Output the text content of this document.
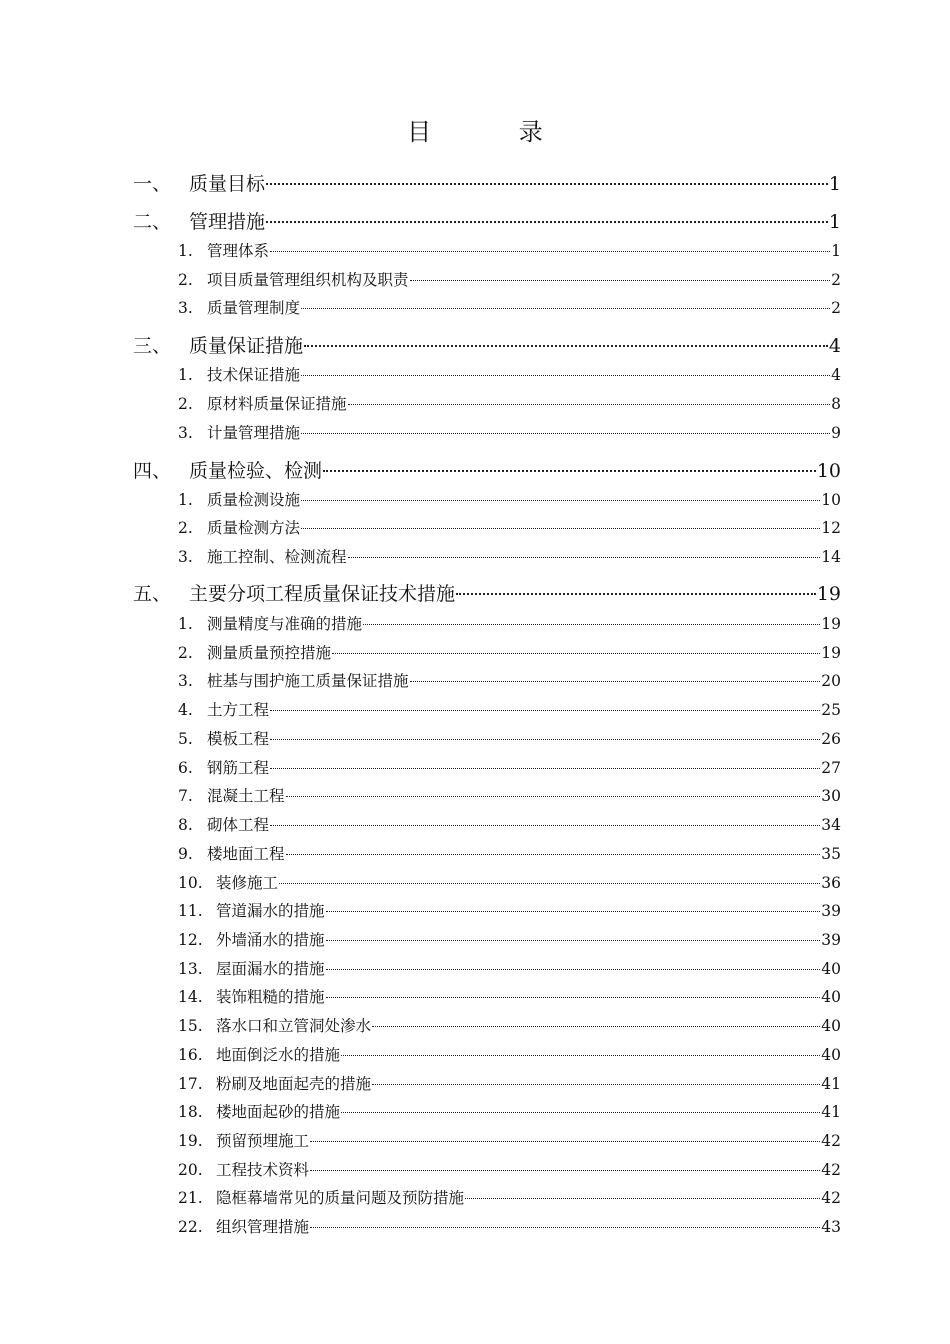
目 录
一、 质量目标	1
二、 管理措施	1
1. 管理体系	1
2. 项目质量管理组织机构及职责	2
3. 质量管理制度	2
三、 质量保证措施	4
1. 技术保证措施	4
2. 原材料质量保证措施	8
3. 计量管理措施	9
四、 质量检验、检测	10
1. 质量检测设施	10
2. 质量检测方法	12
3. 施工控制、检测流程	14
五、 主要分项工程质量保证技术措施	19
1. 测量精度与准确的措施	19
2. 测量质量预控措施	19
3. 桩基与围护施工质量保证措施	20
4. 土方工程	25
5. 模板工程	26
6. 钢筋工程	27
7. 混凝土工程	30
8. 砌体工程	34
9. 楼地面工程	35
10. 装修施工	36
11. 管道漏水的措施	39
12. 外墙涌水的措施	39
13. 屋面漏水的措施	40
14. 装饰粗糙的措施	40
15. 落水口和立管洞处渗水	40
16. 地面倒泛水的措施	40
17. 粉刷及地面起壳的措施	41
18. 楼地面起砂的措施	41
19. 预留预埋施工	42
20. 工程技术资料	42
21. 隐框幕墙常见的质量问题及预防措施	42
22. 组织管理措施	43
